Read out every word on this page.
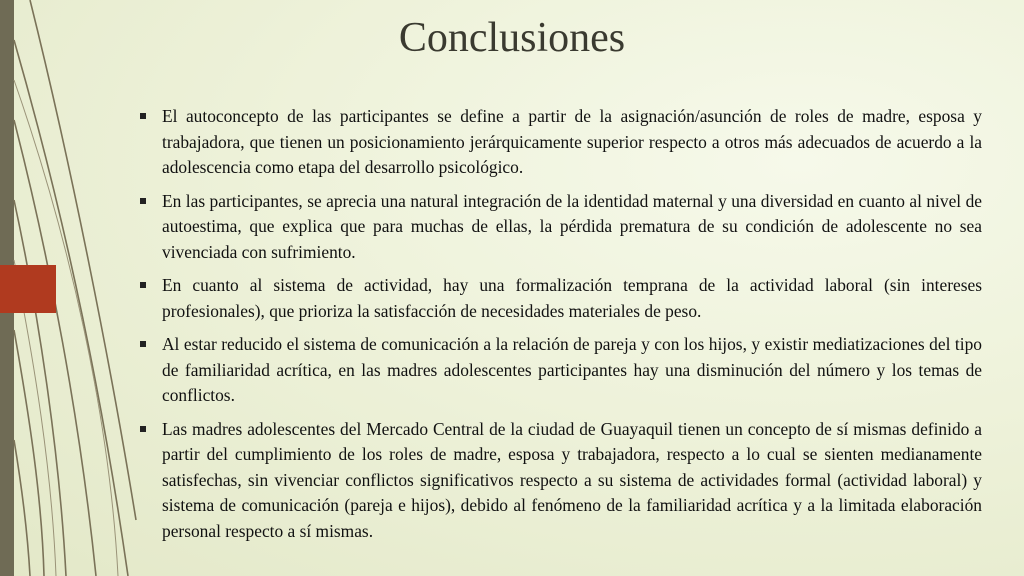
Conclusiones
El autoconcepto de las participantes se define a partir de la asignación/asunción de roles de madre, esposa y trabajadora, que tienen un posicionamiento jerárquicamente superior respecto a otros más adecuados de acuerdo a la adolescencia como etapa del desarrollo psicológico.
En las participantes, se aprecia una natural integración de la identidad maternal y una diversidad en cuanto al nivel de autoestima, que explica que para muchas de ellas, la pérdida prematura de su condición de adolescente no sea vivenciada con sufrimiento.
En cuanto al sistema de actividad, hay una formalización temprana de la actividad laboral (sin intereses profesionales), que prioriza la satisfacción de necesidades materiales de peso.
Al estar reducido el sistema de comunicación a la relación de pareja y con los hijos, y existir mediatizaciones del tipo de familiaridad acrítica, en las madres adolescentes participantes hay una disminución del número y los temas de conflictos.
Las madres adolescentes del Mercado Central de la ciudad de Guayaquil tienen un concepto de sí mismas definido a partir del cumplimiento de los roles de madre, esposa y trabajadora, respecto a lo cual se sienten medianamente satisfechas, sin vivenciar conflictos significativos respecto a su sistema de actividades formal (actividad laboral) y sistema de comunicación (pareja e hijos), debido al fenómeno de la familiaridad acrítica y a la limitada elaboración personal respecto a sí mismas.
